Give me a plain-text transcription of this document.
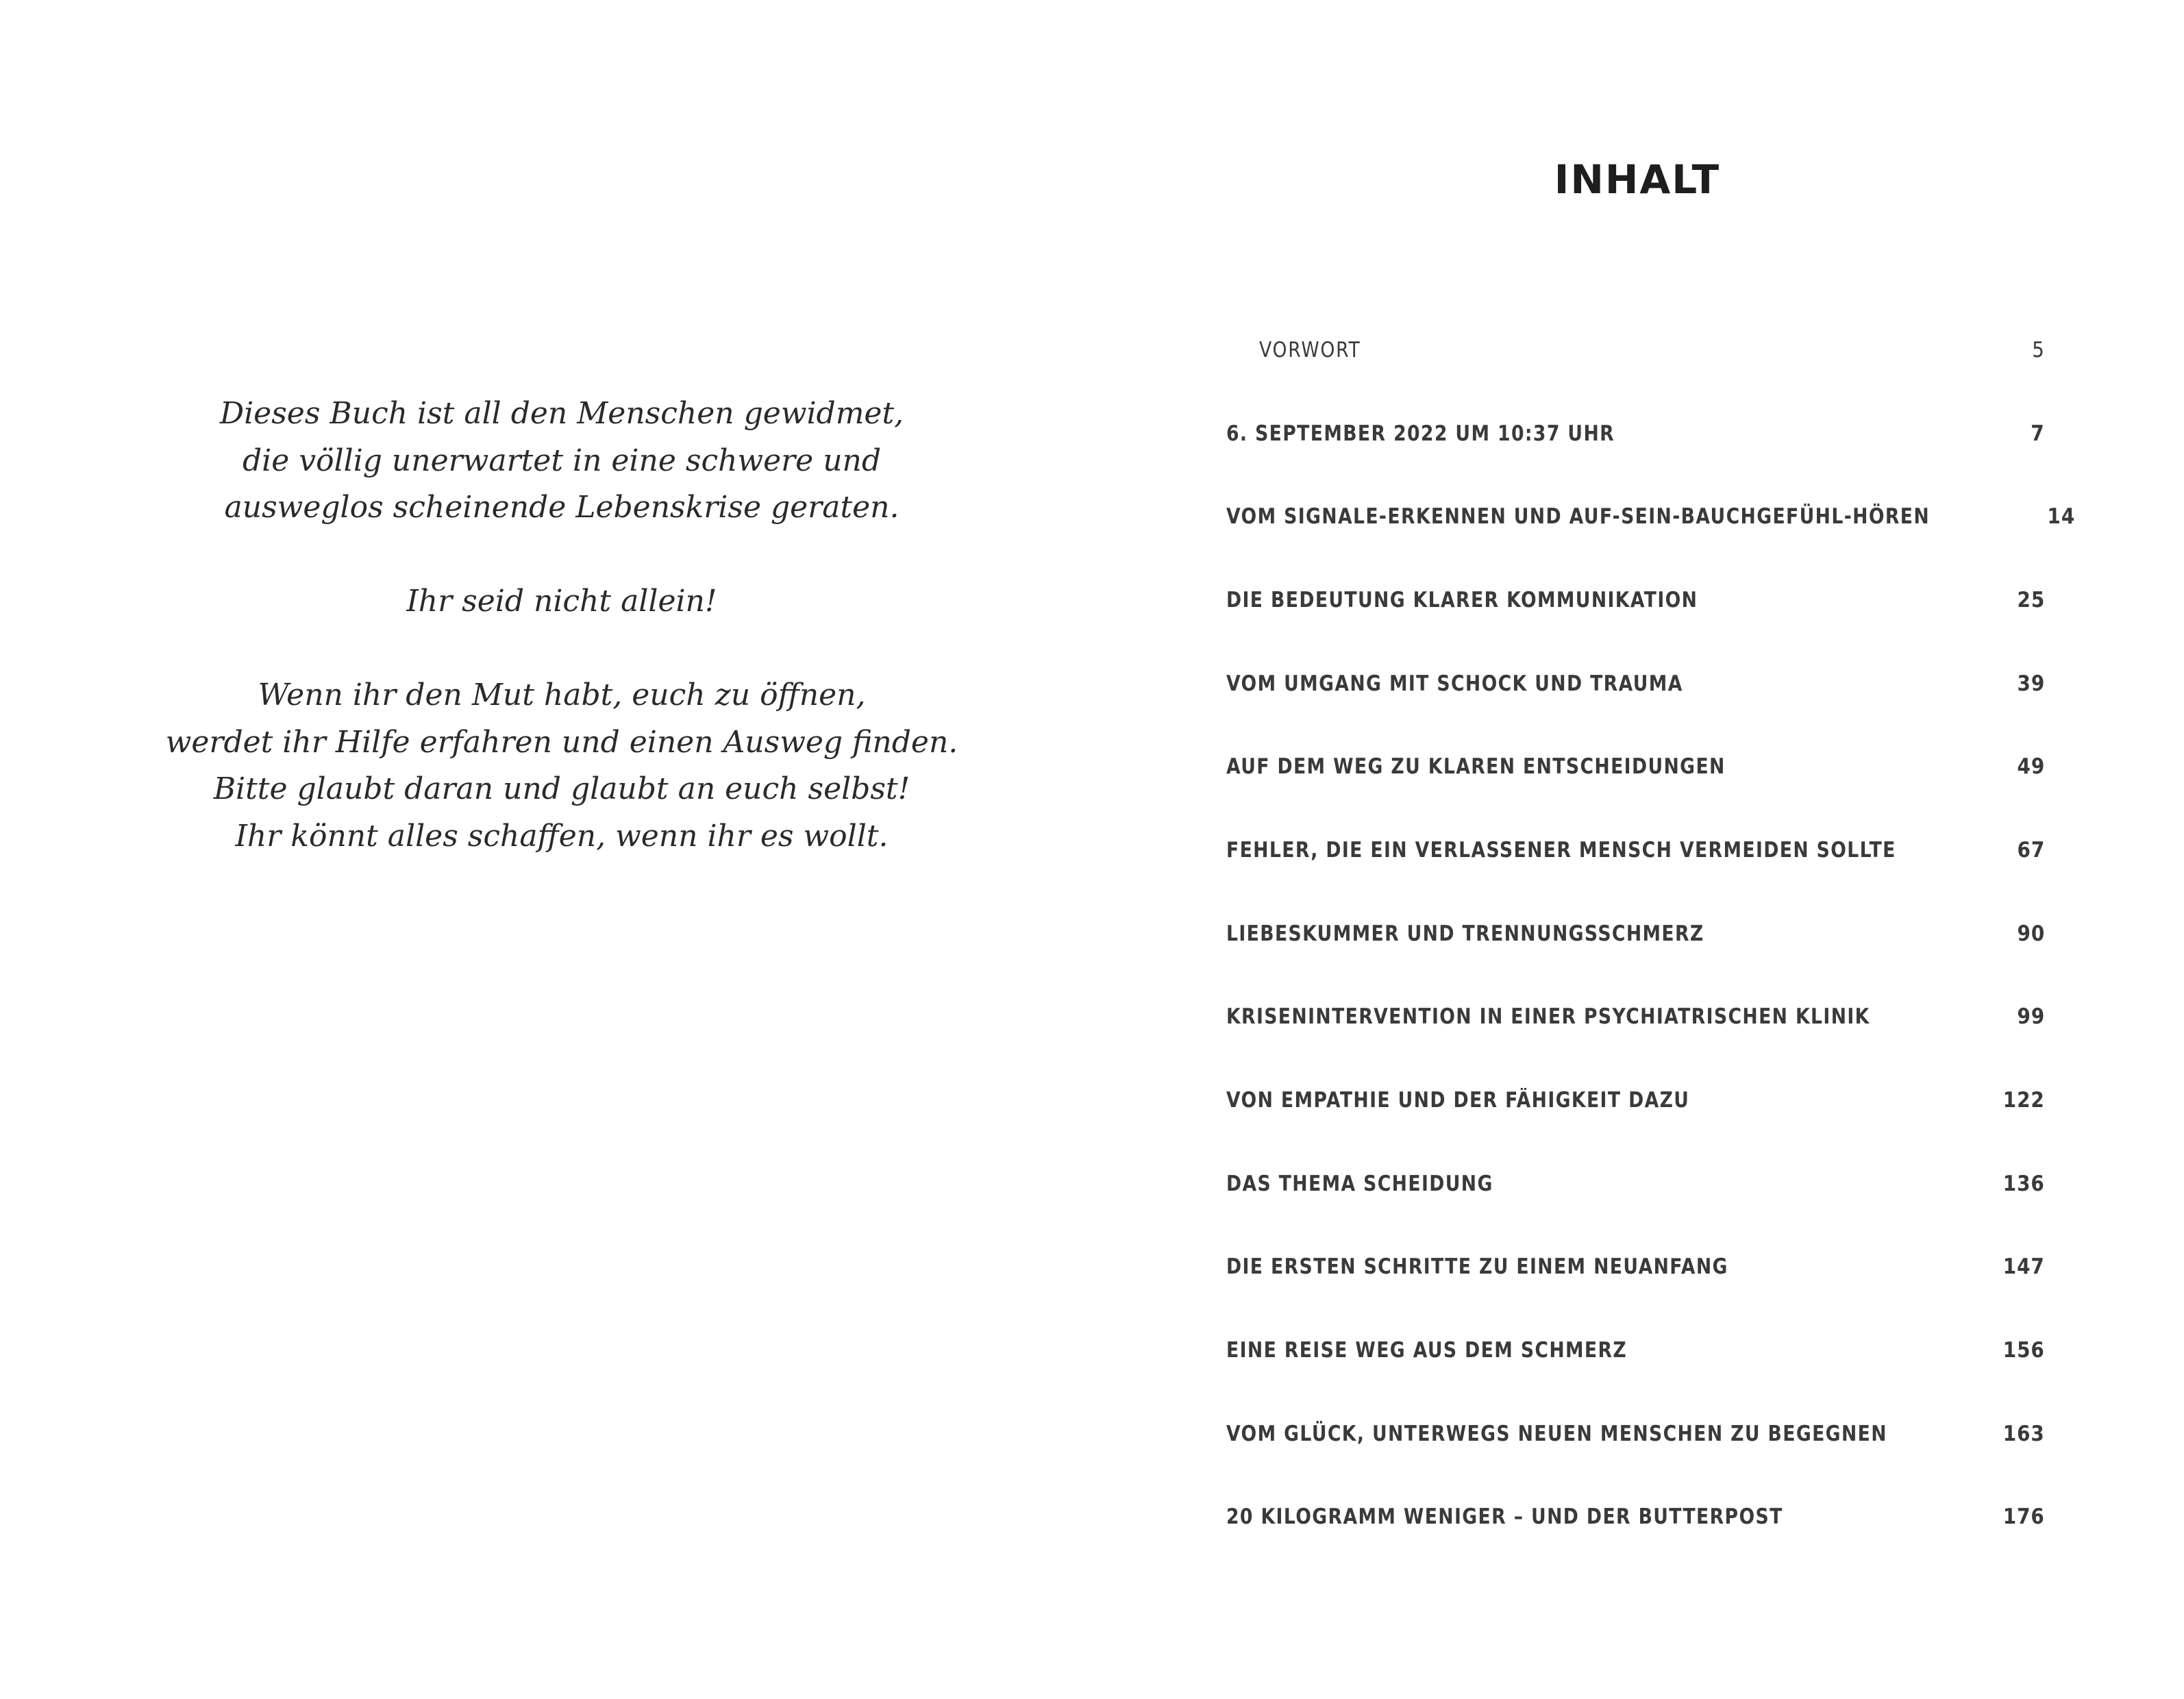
Dieses Buch ist all den Menschen gewidmet,
die völlig unerwartet in eine schwere und
ausweglos scheinende Lebenskrise geraten.
Ihr seid nicht allein!
Wenn ihr den Mut habt, euch zu öffnen,
werdet ihr Hilfe erfahren und einen Ausweg finden.
Bitte glaubt daran und glaubt an euch selbst!
Ihr könnt alles schaffen, wenn ihr es wollt.
INHALT
VORWORT	5
6. SEPTEMBER 2022 UM 10:37 UHR	7
VOM SIGNALE-ERKENNEN UND AUF-SEIN-BAUCHGEFÜHL-HÖREN	14
DIE BEDEUTUNG KLARER KOMMUNIKATION	25
VOM UMGANG MIT SCHOCK UND TRAUMA	39
AUF DEM WEG ZU KLAREN ENTSCHEIDUNGEN	49
FEHLER, DIE EIN VERLASSENER MENSCH VERMEIDEN SOLLTE	67
LIEBESKUMMER UND TRENNUNGSSCHMERZ	90
KRISENINTERVENTION IN EINER PSYCHIATRISCHEN KLINIK	99
VON EMPATHIE UND DER FÄHIGKEIT DAZU	122
DAS THEMA SCHEIDUNG	136
DIE ERSTEN SCHRITTE ZU EINEM NEUANFANG	147
EINE REISE WEG AUS DEM SCHMERZ	156
VOM GLÜCK, UNTERWEGS NEUEN MENSCHEN ZU BEGEGNEN	163
20 KILOGRAMM WENIGER – UND DER BUTTERPOST	176
